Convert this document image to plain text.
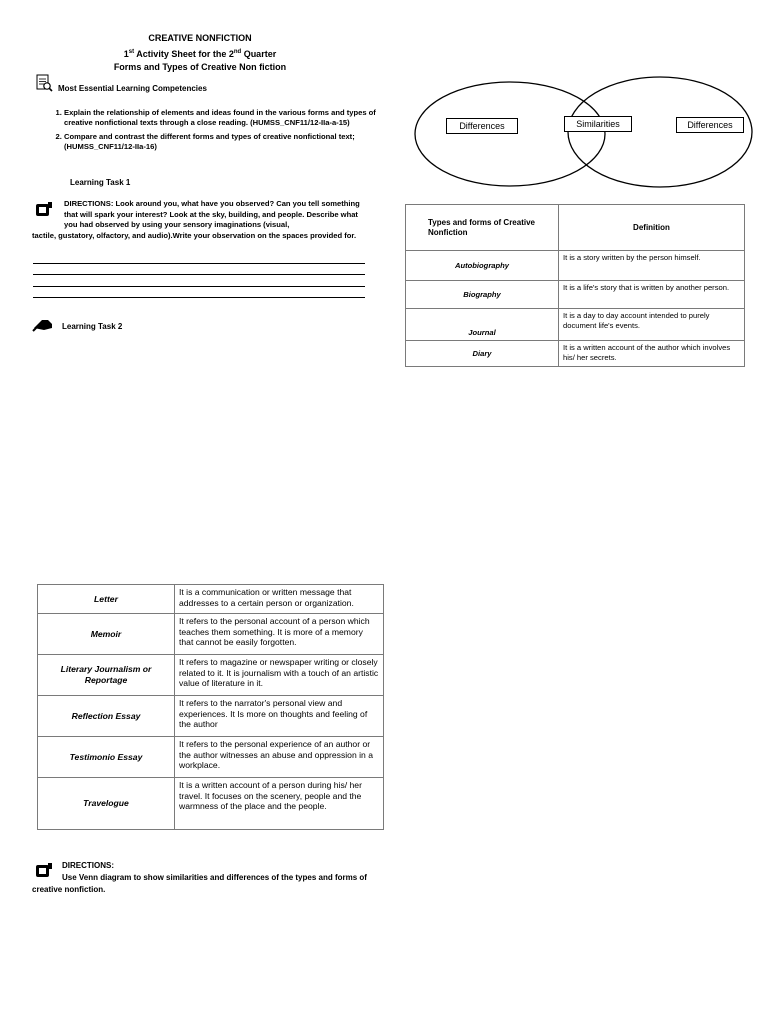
CREATIVE NONFICTION
1st Activity Sheet for the 2nd Quarter
Forms and Types of Creative Non fiction
Most Essential Learning Competencies
1. Explain the relationship of elements and ideas found in the various forms and types of creative nonfictional texts through a close reading. (HUMSS_CNF11/12-IIa-a-15)
2. Compare and contrast the different forms and types of creative nonfictional text; (HUMSS_CNF11/12-IIa-16)
Learning Task 1
DIRECTIONS: Look around you, what have you observed? Can you tell something that will spark your interest? Look at the sky, building, and people. Describe what you had observed by using your sensory imaginations (visual,
tactile, gustatory, olfactory, and audio).Write your observation on the spaces provided for.
Learning Task 2
Differences	Similarities	Differences
Types and forms of Creative Nonfiction	Definition
Autobiography	It is a story written by the person himself.
Biography	It is a life's story that is written by another person.
Journal	It is a day to day account intended to purely document life's events.
Diary	It is a written account of the author which involves his/ her secrets.
Letter	It is a communication or written message that addresses to a certain person or organization.
Memoir	It refers to the personal account of a person which teaches them something. It is more of a memory that cannot be easily forgotten.
Literary Journalism or Reportage	It refers to magazine or newspaper writing or closely related to it. It is journalism with a touch of an artistic value of literature in it.
Reflection Essay	It refers to the narrator's personal view and experiences. It Is more on thoughts and feeling of the author
Testimonio Essay	It refers to the personal experience of an author or the author witnesses an abuse and oppression in a workplace.
Travelogue	It is a written account of a person during his/ her travel. It focuses on the scenery, people and the warmness of the place and the people.
DIRECTIONS:
Use Venn diagram to show similarities and differences of the types and forms of
creative nonfiction.
